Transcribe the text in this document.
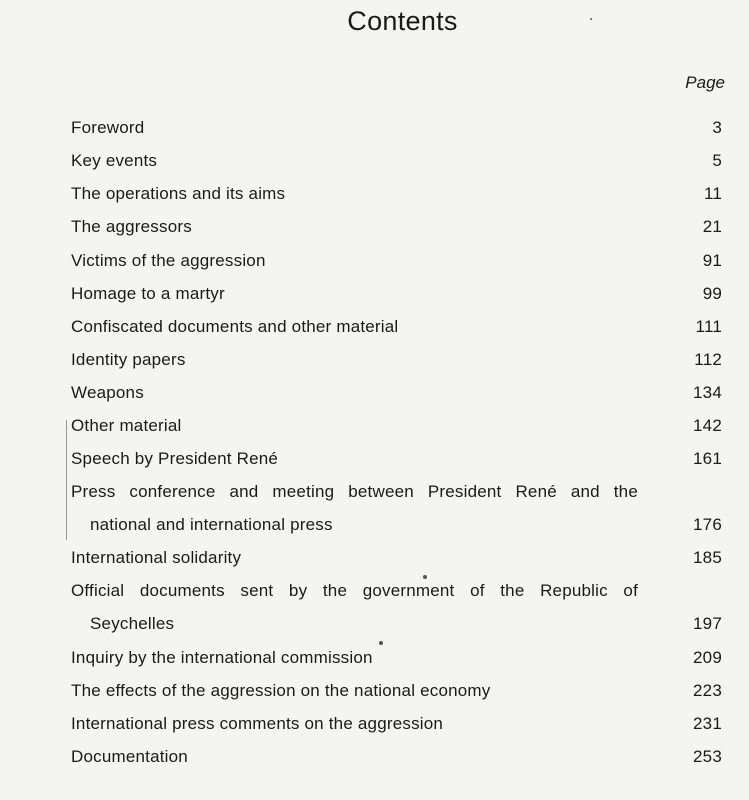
Contents
Page
Foreword	3
Key events	5
The operations and its aims	11
The aggressors	21
Victims of the aggression	91
Homage to a martyr	99
Confiscated documents and other material	111
Identity papers	112
Weapons	134
Other material	142
Speech by President René	161
Press conference and meeting between President René and the
national and international press	176
International solidarity	185
Official documents sent by the government of the Republic of
Seychelles	197
Inquiry by the international commission	209
The effects of the aggression on the national economy	223
International press comments on the aggression	231
Documentation	253
